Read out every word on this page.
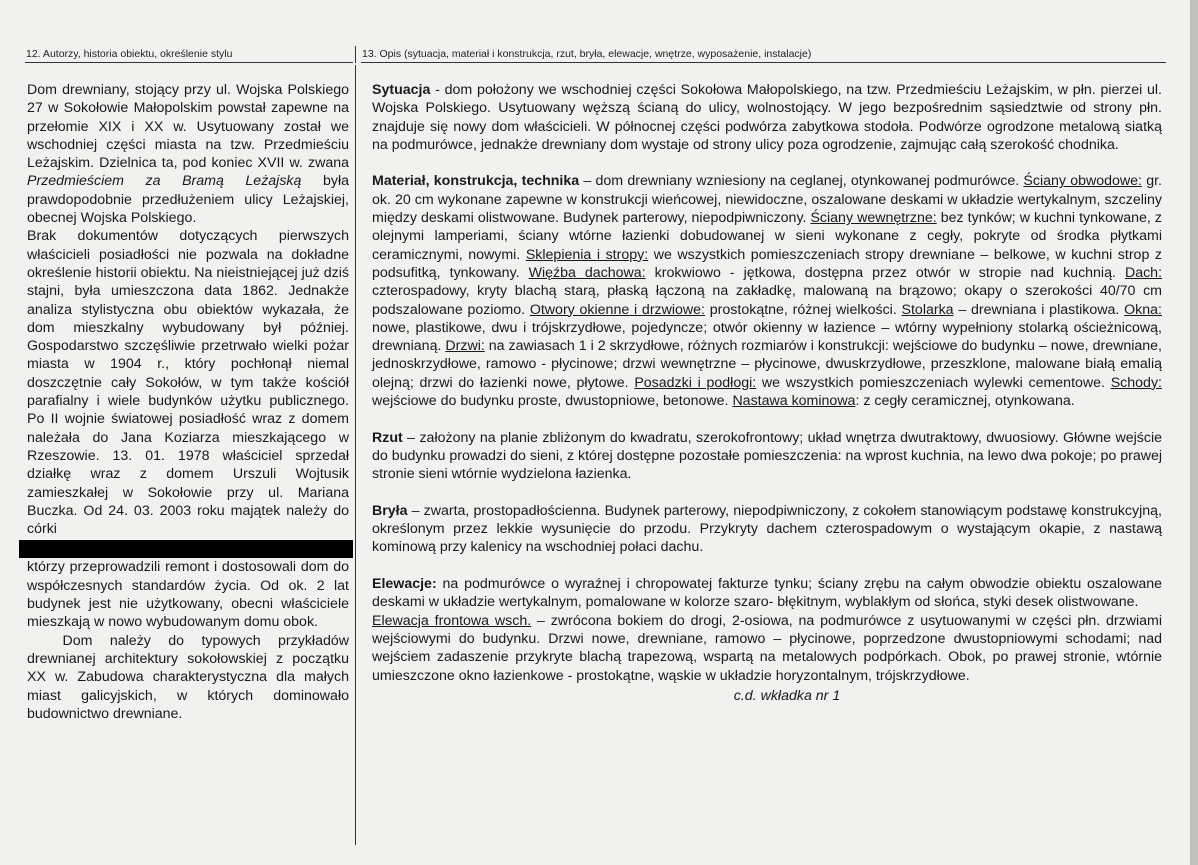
12. Autorzy, historia obiektu, określenie stylu	13. Opis (sytuacja, materiał i konstrukcja, rzut, bryła, elewacje, wnętrze, wyposażenie, instalacje)

Dom drewniany, stojący przy ul. Wojska Polskiego 27 w Sokołowie Małopolskim powstał zapewne na przełomie XIX i XX w. Usytuowany został we wschodniej części miasta na tzw. Przedmieściu Leżajskim. Dzielnica ta, pod koniec XVII w. zwana Przedmieściem za Bramą Leżajską była prawdopodobnie przedłużeniem ulicy Leżajskiej, obecnej Wojska Polskiego.

Brak dokumentów dotyczących pierwszych właścicieli posiadłości nie pozwala na dokładne określenie historii obiektu. Na nieistniejącej już dziś stajni, była umieszczona data 1862. Jednakże analiza stylistyczna obu obiektów wykazała, że dom mieszkalny wybudowany był później. Gospodarstwo szczęśliwie przetrwało wielki pożar miasta w 1904 r., który pochłonął niemal doszczętnie cały Sokołów, w tym także kościół parafialny i wiele budynków użytku publicznego. Po II wojnie światowej posiadłość wraz z domem należała do Jana Koziarza mieszkającego w Rzeszowie. 13. 01. 1978 właściciel sprzedał działkę wraz z domem Urszuli Wojtusik zamieszkałej w Sokołowie przy ul. Mariana Buczka. Od 24. 03. 2003 roku majątek należy do córki
którzy przeprowadzili remont i dostosowali dom do współczesnych standardów życia. Od ok. 2 lat budynek jest nie użytkowany, obecni właściciele mieszkają w nowo wybudowanym domu obok.

Dom należy do typowych przykładów drewnianej architektury sokołowskiej z początku XX w. Zabudowa charakterystyczna dla małych miast galicyjskich, w których dominowało budownictwo drewniane.

Sytuacja - dom położony we wschodniej części Sokołowa Małopolskiego, na tzw. Przedmieściu Leżajskim, w płn. pierzei ul. Wojska Polskiego. Usytuowany węższą ścianą do ulicy, wolnostojący. W jego bezpośrednim sąsiedztwie od strony płn. znajduje się nowy dom właścicieli. W północnej części podwórza zabytkowa stodoła. Podwórze ogrodzone metalową siatką na podmurówce, jednakże drewniany dom wystaje od strony ulicy poza ogrodzenie, zajmując całą szerokość chodnika.

Materiał, konstrukcja, technika – dom drewniany wzniesiony na ceglanej, otynkowanej podmurówce. Ściany obwodowe: gr. ok. 20 cm wykonane zapewne w konstrukcji wieńcowej, niewidoczne, oszalowane deskami w układzie wertykalnym, szczeliny między deskami olistwowane. Budynek parterowy, niepodpiwniczony. Ściany wewnętrzne: bez tynków; w kuchni tynkowane, z olejnymi lamperiami, ściany wtórne łazienki dobudowanej w sieni wykonane z cegły, pokryte od środka płytkami ceramicznymi, nowymi. Sklepienia i stropy: we wszystkich pomieszczeniach stropy drewniane – belkowe, w kuchni strop z podsufitką, tynkowany. Więźba dachowa: krokwiowo - jętkowa, dostępna przez otwór w stropie nad kuchnią. Dach: czterospadowy, kryty blachą starą, płaską łączoną na zakładkę, malowaną na brązowo; okapy o szerokości 40/70 cm podszalowane poziomo. Otwory okienne i drzwiowe: prostokątne, różnej wielkości. Stolarka – drewniana i plastikowa. Okna: nowe, plastikowe, dwu i trójskrzydłowe, pojedyncze; otwór okienny w łazience – wtórny wypełniony stolarką ościeżnicową, drewnianą. Drzwi: na zawiasach 1 i 2 skrzydłowe, różnych rozmiarów i konstrukcji: wejściowe do budynku – nowe, drewniane, jednoskrzydłowe, ramowo - płycinowe; drzwi wewnętrzne – płycinowe, dwuskrzydłowe, przeszklone, malowane białą emalią olejną; drzwi do łazienki nowe, płytowe. Posadzki i podłogi: we wszystkich pomieszczeniach wylewki cementowe. Schody: wejściowe do budynku proste, dwustopniowe, betonowe. Nastawa kominowa: z cegły ceramicznej, otynkowana.

Rzut – założony na planie zbliżonym do kwadratu, szerokofrontowy; układ wnętrza dwutraktowy, dwuosiowy. Główne wejście do budynku prowadzi do sieni, z której dostępne pozostałe pomieszczenia: na wprost kuchnia, na lewo dwa pokoje; po prawej stronie sieni wtórnie wydzielona łazienka.

Bryła – zwarta, prostopadłościenna. Budynek parterowy, niepodpiwniczony, z cokołem stanowiącym podstawę konstrukcyjną, określonym przez lekkie wysunięcie do przodu. Przykryty dachem czterospadowym o wystającym okapie, z nastawą kominową przy kalenicy na wschodniej połaci dachu.

Elewacje: na podmurówce o wyraźnej i chropowatej fakturze tynku; ściany zrębu na całym obwodzie obiektu oszalowane deskami w układzie wertykalnym, pomalowane w kolorze szaro- błękitnym, wyblakłym od słońca, styki desek olistwowane.

Elewacja frontowa wsch. – zwrócona bokiem do drogi, 2-osiowa, na podmurówce z usytuowanymi w części płn. drzwiami wejściowymi do budynku. Drzwi nowe, drewniane, ramowo – płycinowe, poprzedzone dwustopniowymi schodami; nad wejściem zadaszenie przykryte blachą trapezową, wspartą na metalowych podpórkach. Obok, po prawej stronie, wtórnie umieszczone okno łazienkowe - prostokątne, wąskie w układzie horyzontalnym, trójskrzydłowe.

c.d. wkładka nr 1
